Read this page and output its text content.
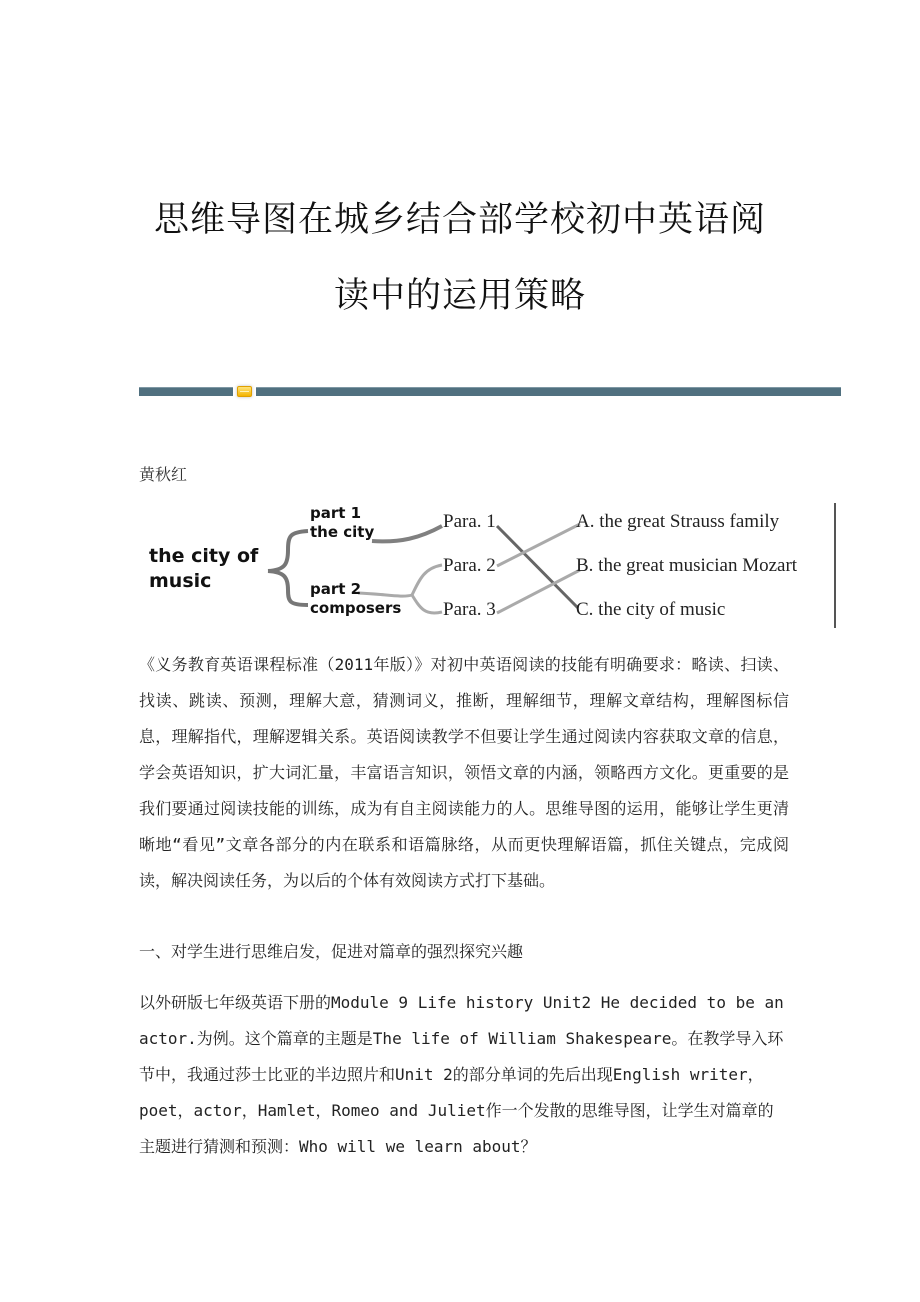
思维导图在城乡结合部学校初中英语阅
读中的运用策略
黄秋红
the city of
music
part 1
the city
part 2
composers
Para. 1
Para. 2
Para. 3
A. the great Strauss family
B. the great musician Mozart
C. the city of music

《义务教育英语课程标准（2011年版）》对初中英语阅读的技能有明确要求：略读、扫读、找读、跳读、预测，理解大意，猜测词义，推断，理解细节，理解文章结构，理解图标信息，理解指代，理解逻辑关系。英语阅读教学不但要让学生通过阅读内容获取文章的信息，学会英语知识，扩大词汇量，丰富语言知识，领悟文章的内涵，领略西方文化。更重要的是我们要通过阅读技能的训练，成为有自主阅读能力的人。思维导图的运用，能够让学生更清晰地“看见”文章各部分的内在联系和语篇脉络，从而更快理解语篇，抓住关键点，完成阅读，解决阅读任务，为以后的个体有效阅读方式打下基础。

一、对学生进行思维启发，促进对篇章的强烈探究兴趣

以外研版七年级英语下册的Module 9 Life history Unit2 He decided to be an actor.为例。这个篇章的主题是The life of William Shakespeare。在教学导入环节中，我通过莎士比亚的半边照片和Unit 2的部分单词的先后出现English writer，poet，actor，Hamlet，Romeo and Juliet作一个发散的思维导图，让学生对篇章的主题进行猜测和预测：Who will we learn about？
